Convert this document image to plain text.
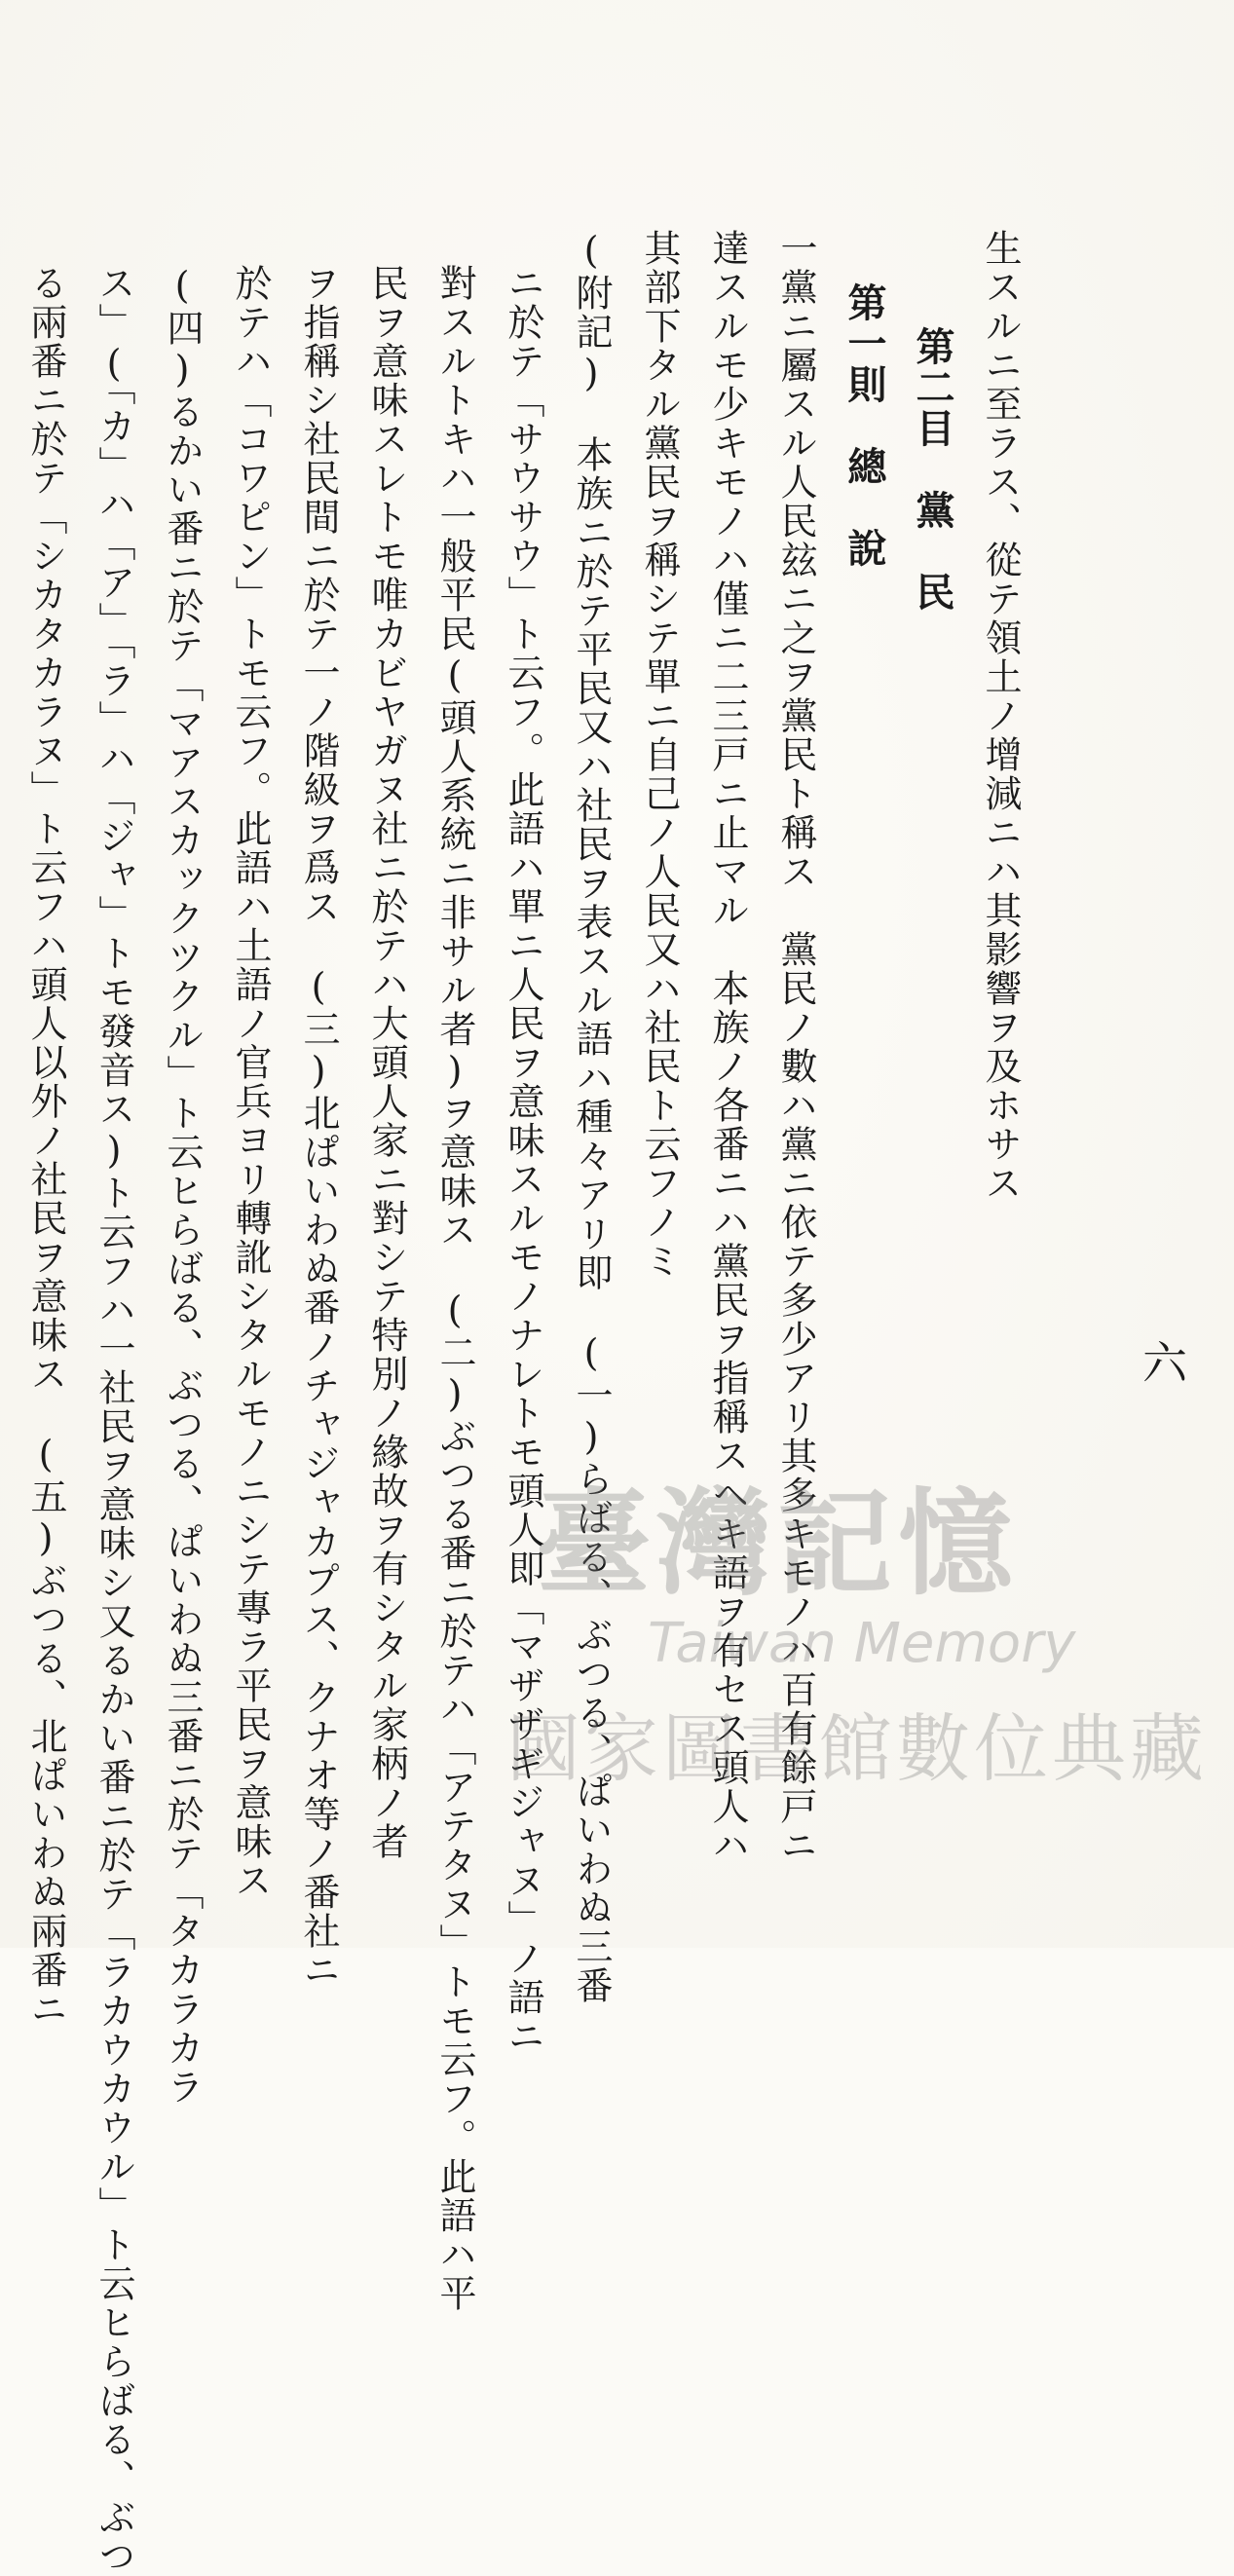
生スルニ至ラス、從テ領土ノ增減ニハ其影響ヲ及ホサス
第二目　黨　民
第一則　總　說
一黨ニ屬スル人民玆ニ之ヲ黨民ト稱ス　黨民ノ數ハ黨ニ依テ多少アリ其多キモノハ百有餘戸ニ
達スルモ少キモノハ僅ニ二三戸ニ止マル　本族ノ各番ニハ黨民ヲ指稱スヘキ語ヲ有セス頭人ハ
其部下タル黨民ヲ稱シテ單ニ自己ノ人民又ハ社民ト云フノミ
(附記)　本族ニ於テ平民又ハ社民ヲ表スル語ハ種々アリ即　(一)らばる、ぶつる、ぱいわぬ三番
ニ於テ「サウサウ」ト云フ。此語ハ單ニ人民ヲ意味スルモノナレトモ頭人即「マザザギジャヌ」ノ語ニ
對スルトキハ一般平民(頭人系統ニ非サル者)ヲ意味ス　(二)ぶつる番ニ於テハ「アテタヌ」トモ云フ。此語ハ平
民ヲ意味スレトモ唯カビヤガヌ社ニ於テハ大頭人家ニ對シテ特別ノ緣故ヲ有シタル家柄ノ者
ヲ指稱シ社民間ニ於テ一ノ階級ヲ爲ス　(三)北ぱいわぬ番ノチャジャカプス、クナオ等ノ番社ニ
於テハ「コワピン」トモ云フ。此語ハ土語ノ官兵ヨリ轉訛シタルモノニシテ專ラ平民ヲ意味ス
(四)るかい番ニ於テ「マアスカックツクル」ト云ヒらばる、ぶつる、ぱいわぬ三番ニ於テ「タカラカラ
ス」(「カ」ハ「ア」「ラ」ハ「ジャ」トモ發音ス)ト云フハ一社民ヲ意味シ又るかい番ニ於テ「ラカウカウル」ト云ヒらばる、ぶつ
る兩番ニ於テ「シカタカラヌ」ト云フハ頭人以外ノ社民ヲ意味ス　(五)ぶつる、北ぱいわぬ兩番ニ	六
臺灣記憶
Taiwan Memory
國家圖書館數位典藏
